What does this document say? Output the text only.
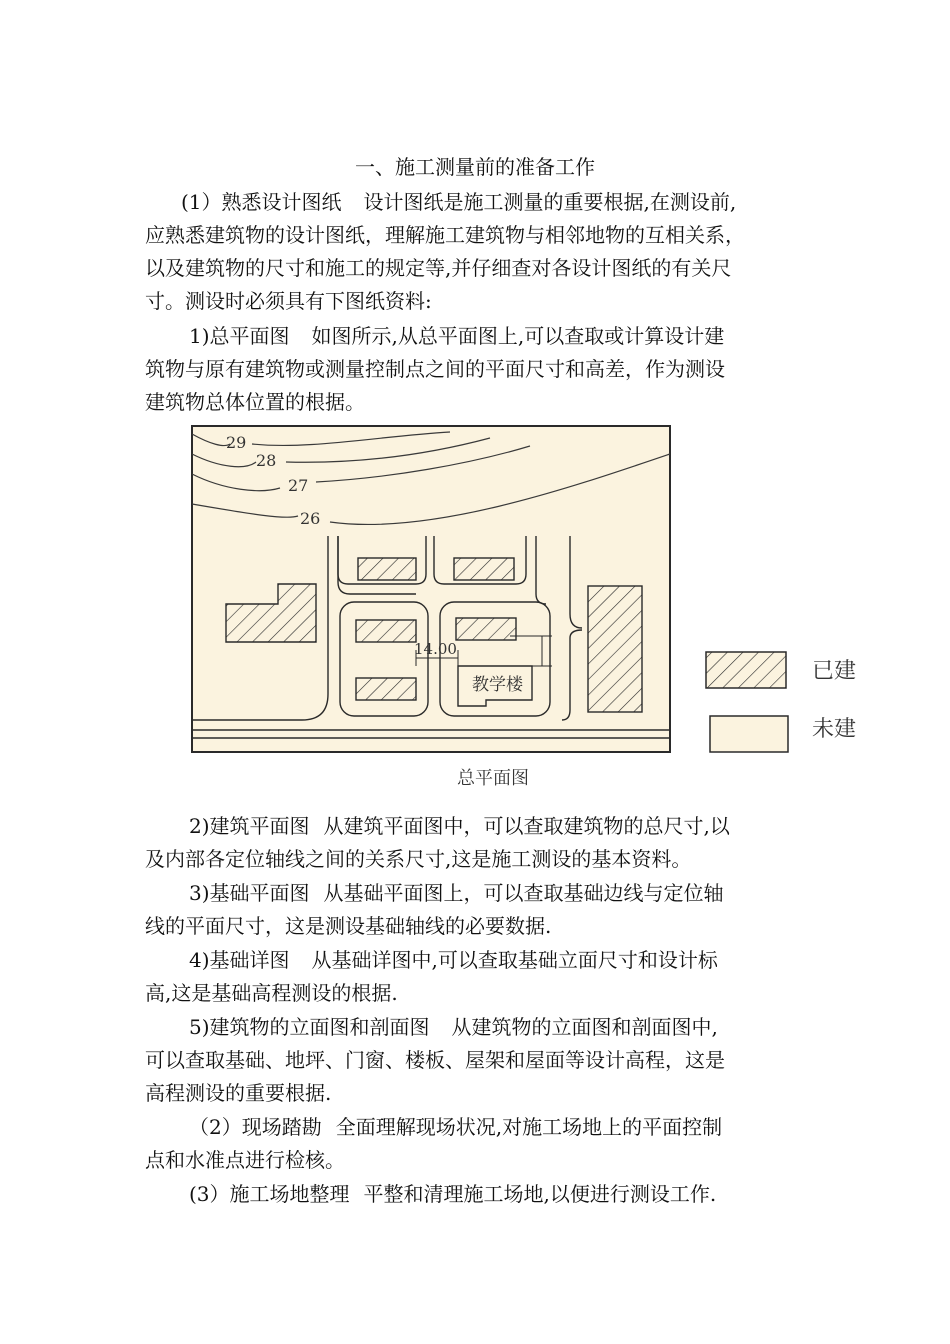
一、施工测量前的准备工作
(1）熟悉设计图纸 设计图纸是施工测量的重要根据,在测设前,
应熟悉建筑物的设计图纸，理解施工建筑物与相邻地物的互相关系，
以及建筑物的尺寸和施工的规定等,并仔细查对各设计图纸的有关尺
寸。测设时必须具有下图纸资料:
1)总平面图 如图所示,从总平面图上,可以查取或计算设计建
筑物与原有建筑物或测量控制点之间的平面尺寸和高差，作为测设
建筑物总体位置的根据。
29
28
27
26
教学楼
14.00
已建
未建
总平面图
2)建筑平面图 从建筑平面图中，可以查取建筑物的总尺寸,以
及内部各定位轴线之间的关系尺寸,这是施工测设的基本资料。
3)基础平面图 从基础平面图上，可以查取基础边线与定位轴
线的平面尺寸，这是测设基础轴线的必要数据.
4)基础详图 从基础详图中,可以查取基础立面尺寸和设计标
高,这是基础高程测设的根据.
5)建筑物的立面图和剖面图 从建筑物的立面图和剖面图中,
可以查取基础、地坪、门窗、楼板、屋架和屋面等设计高程，这是
高程测设的重要根据.
（2）现场踏勘 全面理解现场状况,对施工场地上的平面控制
点和水准点进行检核。
(3）施工场地整理 平整和清理施工场地,以便进行测设工作.
